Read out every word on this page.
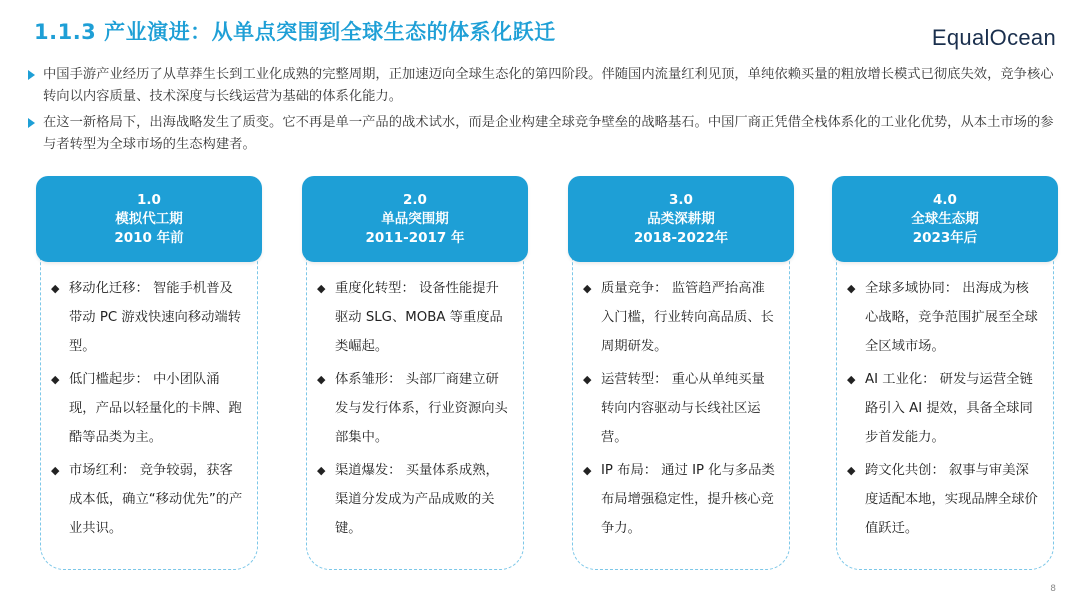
1.1.3 产业演进：从单点突围到全球生态的体系化跃迁	EqualOcean
中国手游产业经历了从草莽生长到工业化成熟的完整周期，正加速迈向全球生态化的第四阶段。伴随国内流量红利见顶，单纯依赖买量的粗放增长模式已彻底失效，竞争核心转向以内容质量、技术深度与长线运营为基础的体系化能力。
在这一新格局下，出海战略发生了质变。它不再是单一产品的战术试水，而是企业构建全球竞争壁垒的战略基石。中国厂商正凭借全栈体系化的工业化优势，从本土市场的参与者转型为全球市场的生态构建者。
1.0
模拟代工期
2010 年前
◆ 移动化迁移： 智能手机普及带动 PC 游戏快速向移动端转型。
◆ 低门槛起步： 中小团队涌现，产品以轻量化的卡牌、跑酷等品类为主。
◆ 市场红利： 竞争较弱，获客成本低，确立“移动优先”的产业共识。
2.0
单品突围期
2011-2017 年
◆ 重度化转型： 设备性能提升驱动 SLG、MOBA 等重度品类崛起。
◆ 体系雏形： 头部厂商建立研发与发行体系，行业资源向头部集中。
◆ 渠道爆发： 买量体系成熟，渠道分发成为产品成败的关键。
3.0
品类深耕期
2018-2022年
◆ 质量竞争： 监管趋严抬高准入门槛，行业转向高品质、长周期研发。
◆ 运营转型： 重心从单纯买量转向内容驱动与长线社区运营。
◆ IP 布局： 通过 IP 化与多品类布局增强稳定性，提升核心竞争力。
4.0
全球生态期
2023年后
◆ 全球多域协同： 出海成为核心战略，竞争范围扩展至全球全区域市场。
◆ AI 工业化： 研发与运营全链路引入 AI 提效，具备全球同步首发能力。
◆ 跨文化共创： 叙事与审美深度适配本地，实现品牌全球价值跃迁。
8
